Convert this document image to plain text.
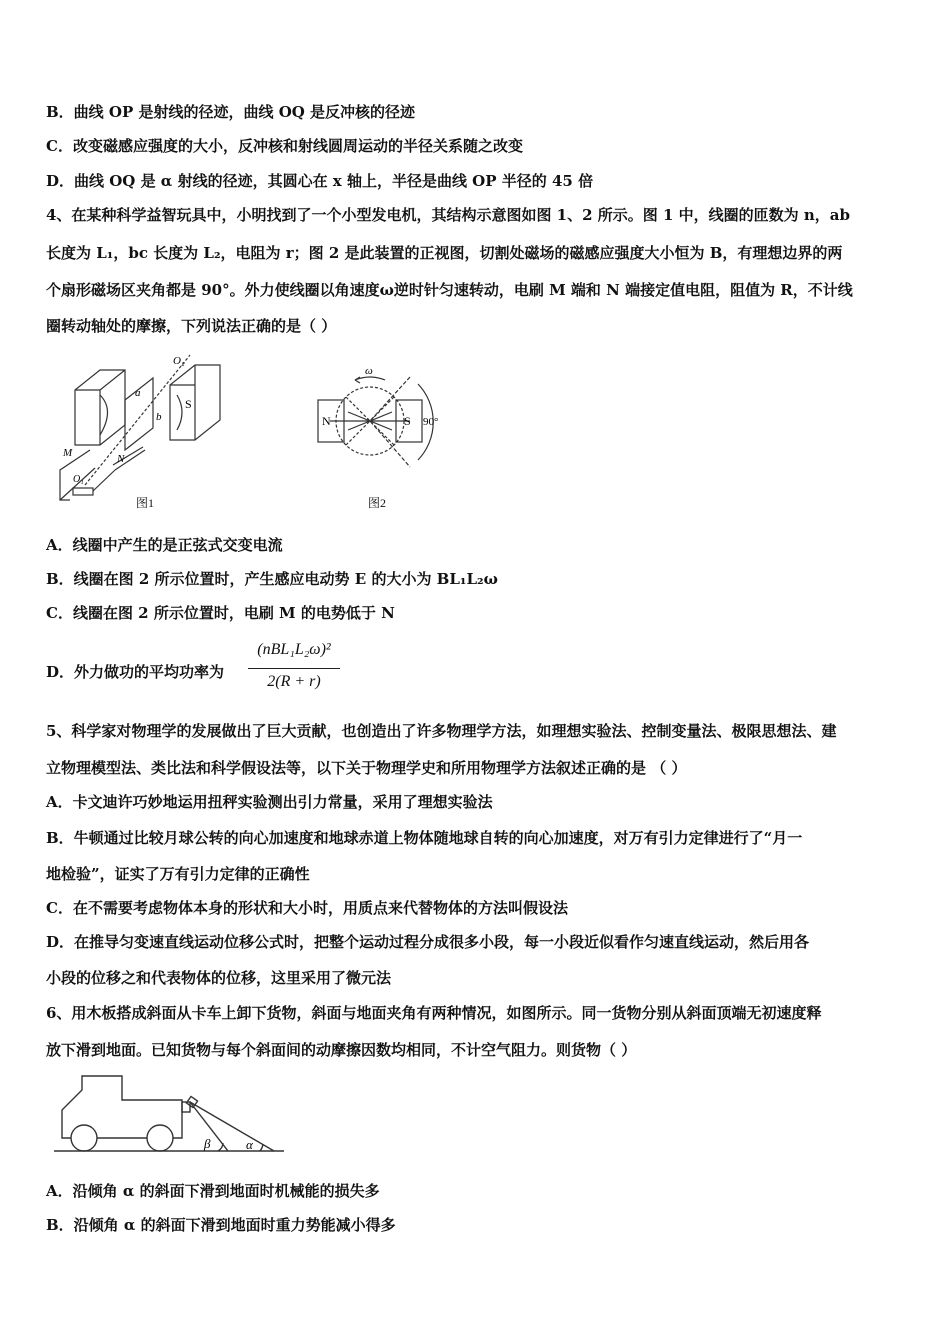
B．曲线 OP 是射线的径迹，曲线 OQ 是反冲核的径迹
C．改变磁感应强度的大小，反冲核和射线圆周运动的半径关系随之改变
D．曲线 OQ 是 α 射线的径迹，其圆心在 x 轴上，半径是曲线 OP 半径的 45 倍
4、在某种科学益智玩具中，小明找到了一个小型发电机，其结构示意图如图 1、2 所示。图 1 中，线圈的匝数为 n，ab
长度为 L₁，bc 长度为 L₂，电阻为 r；图 2 是此装置的正视图，切割处磁场的磁感应强度大小恒为 B，有理想边界的两
个扇形磁场区夹角都是 90°。外力使线圈以角速度ω逆时针匀速转动，电刷 M 端和 N 端接定值电阻，阻值为 R，不计线
圈转动轴处的摩擦，下列说法正确的是（ ）
O₂
a
b
S
M	N
O₁
图1
N	S
ω
90°
图2
A．线圈中产生的是正弦式交变电流
B．线圈在图 2 所示位置时，产生感应电动势 E 的大小为 BL₁L₂ω
C．线圈在图 2 所示位置时，电刷 M 的电势低于 N
D．外力做功的平均功率为
(nBL₁L₂ω)²
2(R + r)
5、科学家对物理学的发展做出了巨大贡献，也创造出了许多物理学方法，如理想实验法、控制变量法、极限思想法、建
立物理模型法、类比法和科学假设法等，以下关于物理学史和所用物理学方法叙述正确的是 （ ）
A．卡文迪许巧妙地运用扭秤实验测出引力常量，采用了理想实验法
B．牛顿通过比较月球公转的向心加速度和地球赤道上物体随地球自转的向心加速度，对万有引力定律进行了“月一
地检验”，证实了万有引力定律的正确性
C．在不需要考虑物体本身的形状和大小时，用质点来代替物体的方法叫假设法
D．在推导匀变速直线运动位移公式时，把整个运动过程分成很多小段，每一小段近似看作匀速直线运动，然后用各
小段的位移之和代表物体的位移，这里采用了微元法
6、用木板搭成斜面从卡车上卸下货物，斜面与地面夹角有两种情况，如图所示。同一货物分别从斜面顶端无初速度释
放下滑到地面。已知货物与每个斜面间的动摩擦因数均相同，不计空气阻力。则货物（ ）
β	α
A．沿倾角 α 的斜面下滑到地面时机械能的损失多
B．沿倾角 α 的斜面下滑到地面时重力势能减小得多
